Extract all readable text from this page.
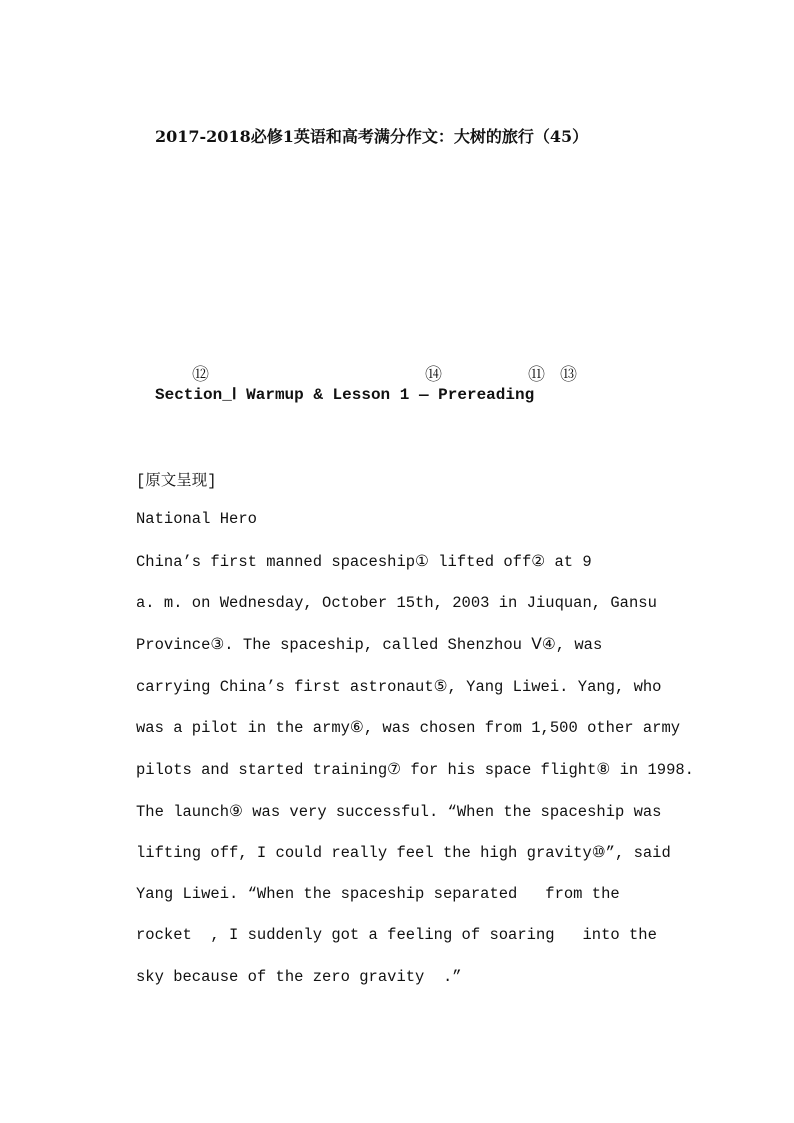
2017-2018必修1英语和高考满分作文：大树的旅行（45）
⑫	⑭	⑪ ⑬
Section_Ⅰ Warmup & Lesson 1 — Prereading
[原文呈现]
National Hero
China’s first manned spaceship① lifted off② at 9
a. m. on Wednesday, October 15th, 2003 in Jiuquan, Gansu
Province③. The spaceship, called Shenzhou Ⅴ④, was
carrying China’s first astronaut⑤, Yang Liwei. Yang, who
was a pilot in the army⑥, was chosen from 1,500 other army
pilots and started training⑦ for his space flight⑧ in 1998.
The launch⑨ was very successful. “When the spaceship was
lifting off, I could really feel the high gravity⑩”, said
Yang Liwei. “When the spaceship separated   from the
rocket  , I suddenly got a feeling of soaring   into the
sky because of the zero gravity  .”
